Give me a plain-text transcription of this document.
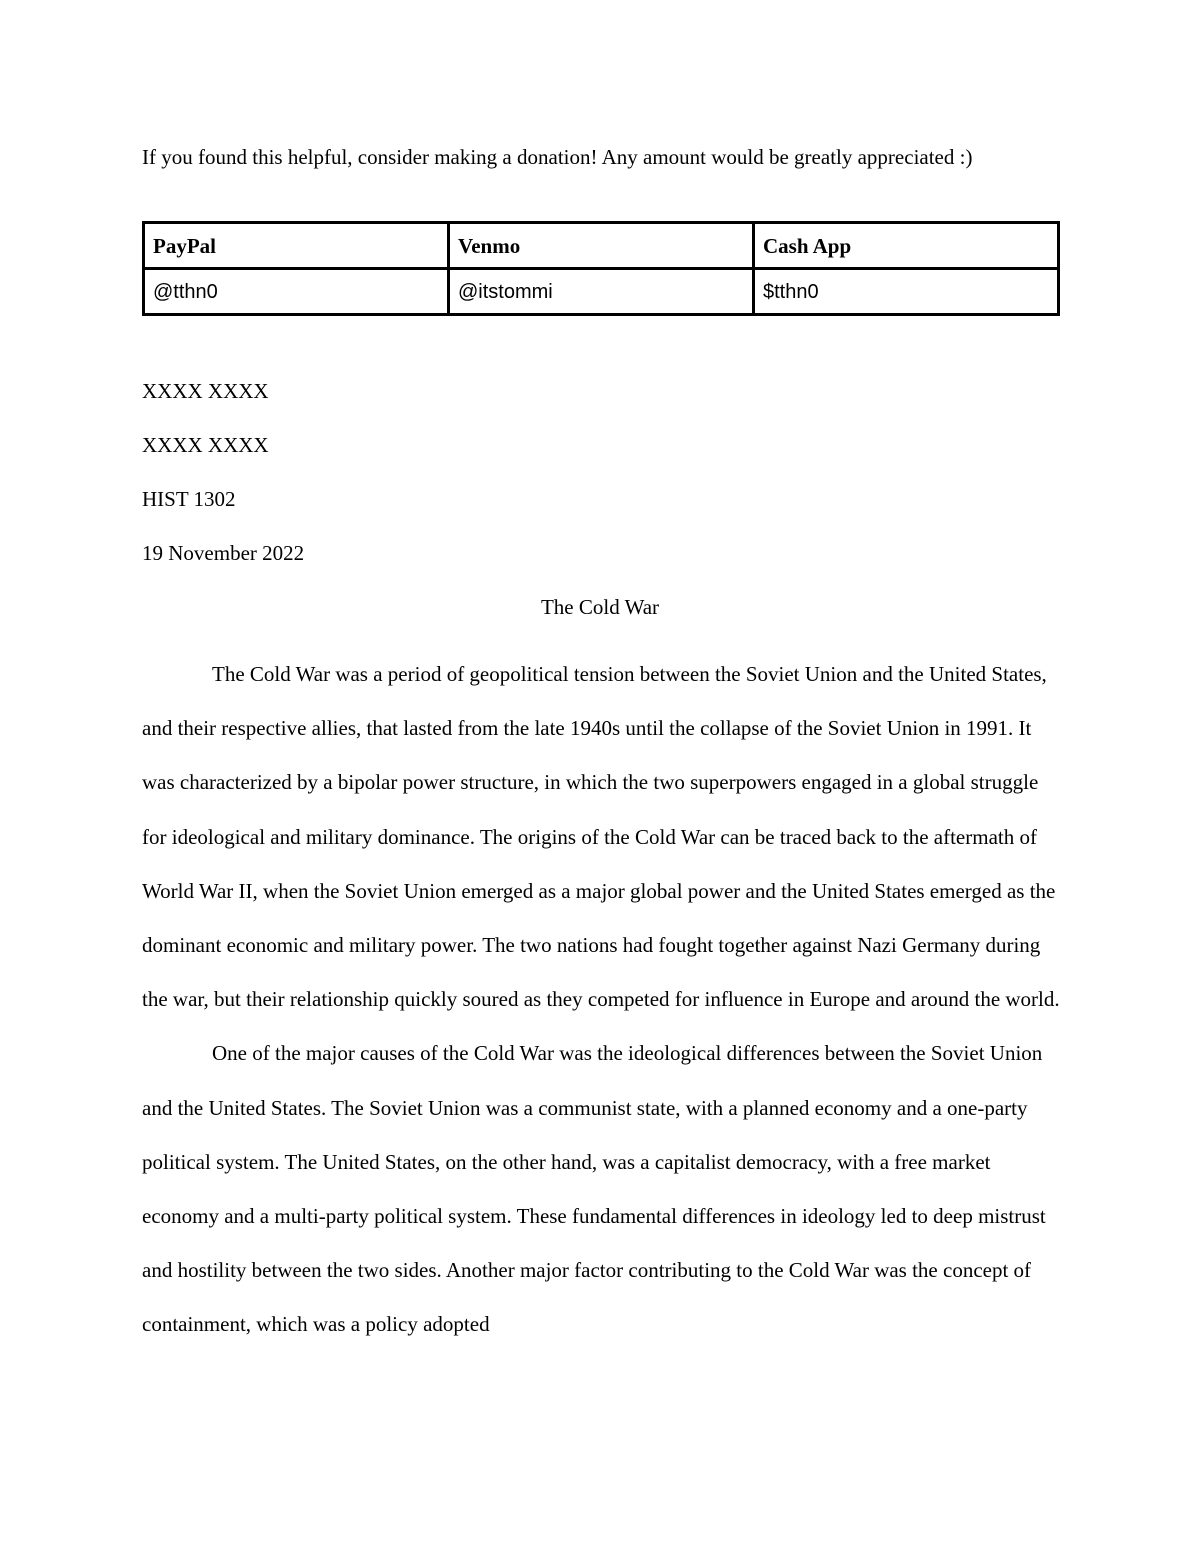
If you found this helpful, consider making a donation! Any amount would be greatly appreciated :)

PayPal	Venmo	Cash App
@tthn0	@itstommi	$tthn0

XXXX XXXX

XXXX XXXX

HIST 1302

19 November 2022

The Cold War

The Cold War was a period of geopolitical tension between the Soviet Union and the United States, and their respective allies, that lasted from the late 1940s until the collapse of the Soviet Union in 1991. It was characterized by a bipolar power structure, in which the two superpowers engaged in a global struggle for ideological and military dominance. The origins of the Cold War can be traced back to the aftermath of World War II, when the Soviet Union emerged as a major global power and the United States emerged as the dominant economic and military power. The two nations had fought together against Nazi Germany during the war, but their relationship quickly soured as they competed for influence in Europe and around the world.

One of the major causes of the Cold War was the ideological differences between the Soviet Union and the United States. The Soviet Union was a communist state, with a planned economy and a one-party political system. The United States, on the other hand, was a capitalist democracy, with a free market economy and a multi-party political system. These fundamental differences in ideology led to deep mistrust and hostility between the two sides. Another major factor contributing to the Cold War was the concept of containment, which was a policy adopted
